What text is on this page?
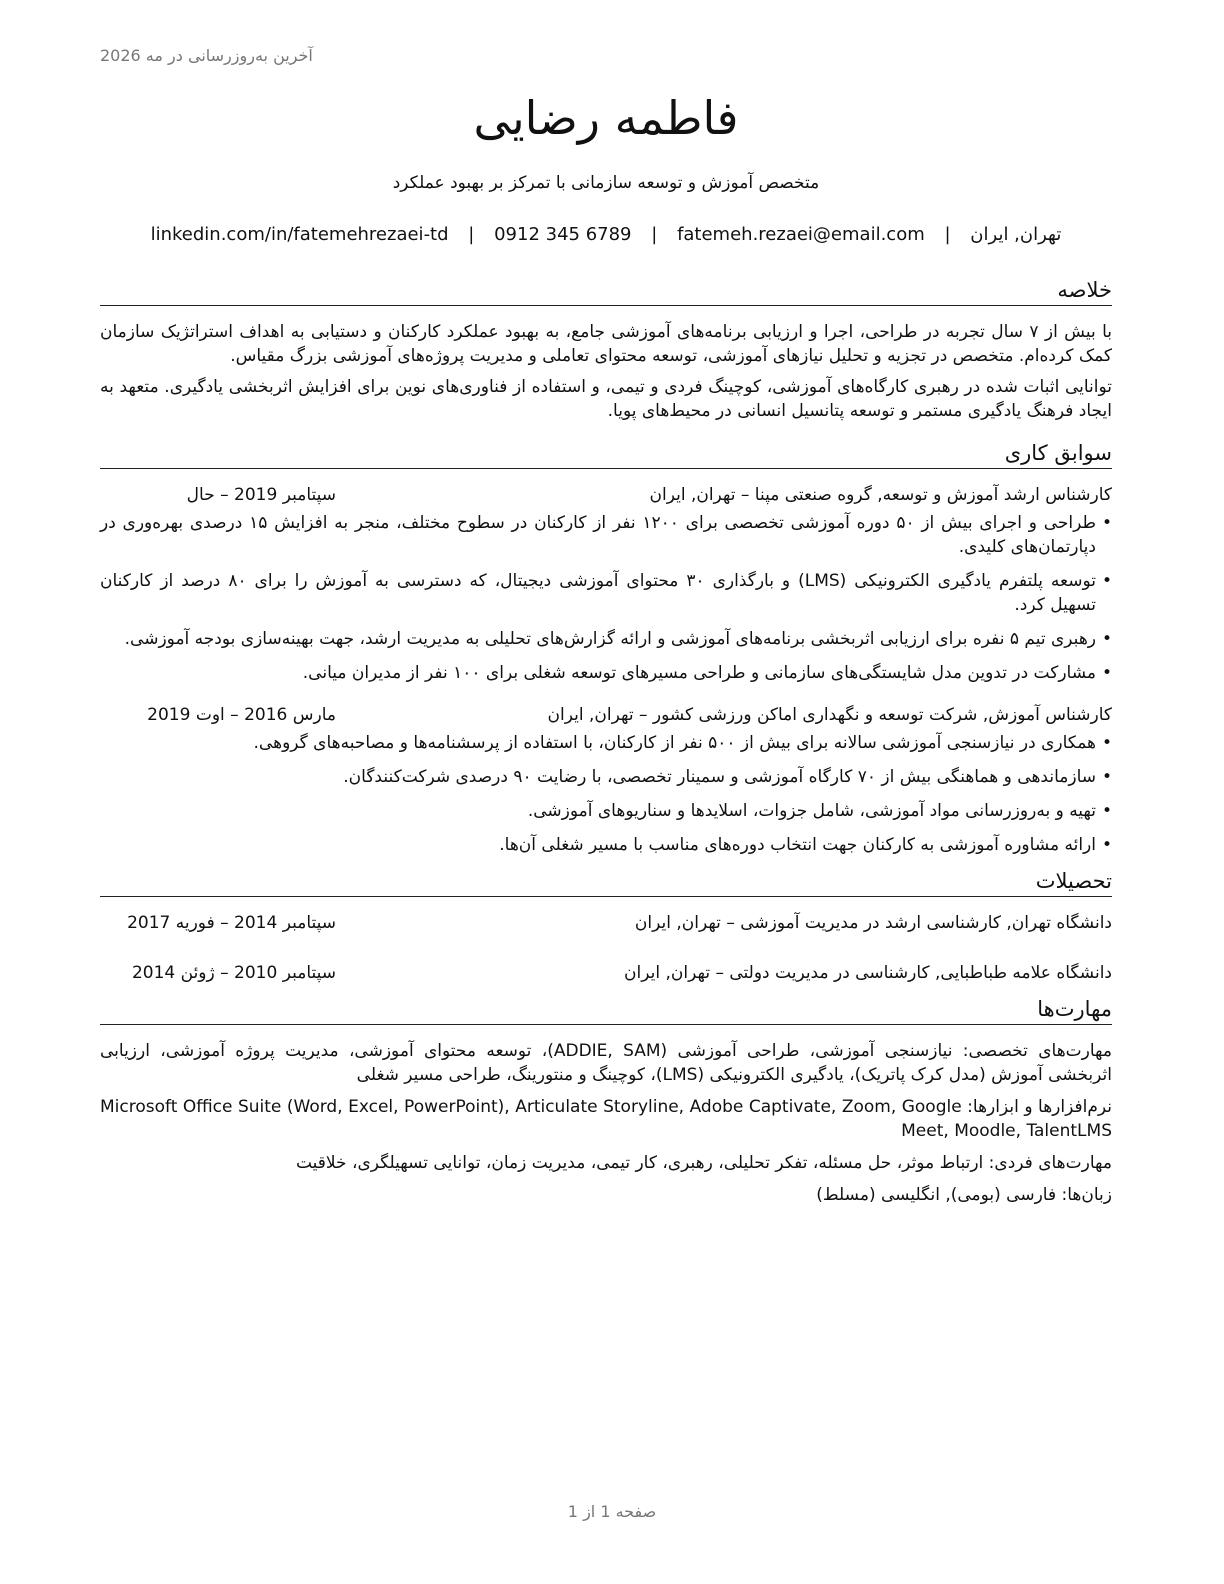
آخرین به‌روزرسانی در مه 2026
فاطمه رضایی
متخصص آموزش و توسعه سازمانی با تمرکز بر بهبود عملکرد
تهران, ایران | fatemeh.rezaei@email.com | 0912 345 6789 | linkedin.com/in/fatemehrezaei-td
خلاصه

با بیش از ۷ سال تجربه در طراحی، اجرا و ارزیابی برنامه‌های آموزشی جامع، به بهبود عملکرد کارکنان و دستیابی به اهداف استراتژیک سازمان کمک کرده‌ام. متخصص در تجزیه و تحلیل نیازهای آموزشی، توسعه محتوای تعاملی و مدیریت پروژه‌های آموزشی بزرگ مقیاس.

توانایی اثبات شده در رهبری کارگاه‌های آموزشی، کوچینگ فردی و تیمی، و استفاده از فناوری‌های نوین برای افزایش اثربخشی یادگیری. متعهد به ایجاد فرهنگ یادگیری مستمر و توسعه پتانسیل انسانی در محیط‌های پویا.

سوابق کاری
کارشناس ارشد آموزش و توسعه, گروه صنعتی مپنا – تهران, ایران
سپتامبر 2019 – حال
• طراحی و اجرای بیش از ۵۰ دوره آموزشی تخصصی برای ۱۲۰۰ نفر از کارکنان در سطوح مختلف، منجر به افزایش ۱۵ درصدی بهره‌وری در دپارتمان‌های کلیدی.
• توسعه پلتفرم یادگیری الکترونیکی (LMS) و بارگذاری ۳۰ محتوای آموزشی دیجیتال، که دسترسی به آموزش را برای ۸۰ درصد از کارکنان تسهیل کرد.
• رهبری تیم ۵ نفره برای ارزیابی اثربخشی برنامه‌های آموزشی و ارائه گزارش‌های تحلیلی به مدیریت ارشد، جهت بهینه‌سازی بودجه آموزشی.
• مشارکت در تدوین مدل شایستگی‌های سازمانی و طراحی مسیرهای توسعه شغلی برای ۱۰۰ نفر از مدیران میانی.
کارشناس آموزش, شرکت توسعه و نگهداری اماکن ورزشی کشور – تهران, ایران
مارس 2016 – اوت 2019
• همکاری در نیازسنجی آموزشی سالانه برای بیش از ۵۰۰ نفر از کارکنان، با استفاده از پرسشنامه‌ها و مصاحبه‌های گروهی.
• سازماندهی و هماهنگی بیش از ۷۰ کارگاه آموزشی و سمینار تخصصی، با رضایت ۹۰ درصدی شرکت‌کنندگان.
• تهیه و به‌روزرسانی مواد آموزشی، شامل جزوات، اسلایدها و سناریوهای آموزشی.
• ارائه مشاوره آموزشی به کارکنان جهت انتخاب دوره‌های مناسب با مسیر شغلی آن‌ها.
تحصیلات
دانشگاه تهران, کارشناسی ارشد در مدیریت آموزشی – تهران, ایران
سپتامبر 2014 – فوریه 2017
دانشگاه علامه طباطبایی, کارشناسی در مدیریت دولتی – تهران, ایران
سپتامبر 2010 – ژوئن 2014
مهارت‌ها

مهارت‌های تخصصی: نیازسنجی آموزشی، طراحی آموزشی (ADDIE, SAM)، توسعه محتوای آموزشی، مدیریت پروژه آموزشی، ارزیابی اثربخشی آموزش (مدل کرک پاتریک)، یادگیری الکترونیکی (LMS)، کوچینگ و منتورینگ، طراحی مسیر شغلی

نرم‌افزارها و ابزارها: Microsoft Office Suite (Word, Excel, PowerPoint), Articulate Storyline, Adobe Captivate, Zoom, Google Meet, Moodle, TalentLMS

مهارت‌های فردی: ارتباط موثر، حل مسئله، تفکر تحلیلی، رهبری، کار تیمی، مدیریت زمان، توانایی تسهیلگری، خلاقیت

زبان‌ها: فارسی (بومی), انگلیسی (مسلط)

صفحه 1 از 1
